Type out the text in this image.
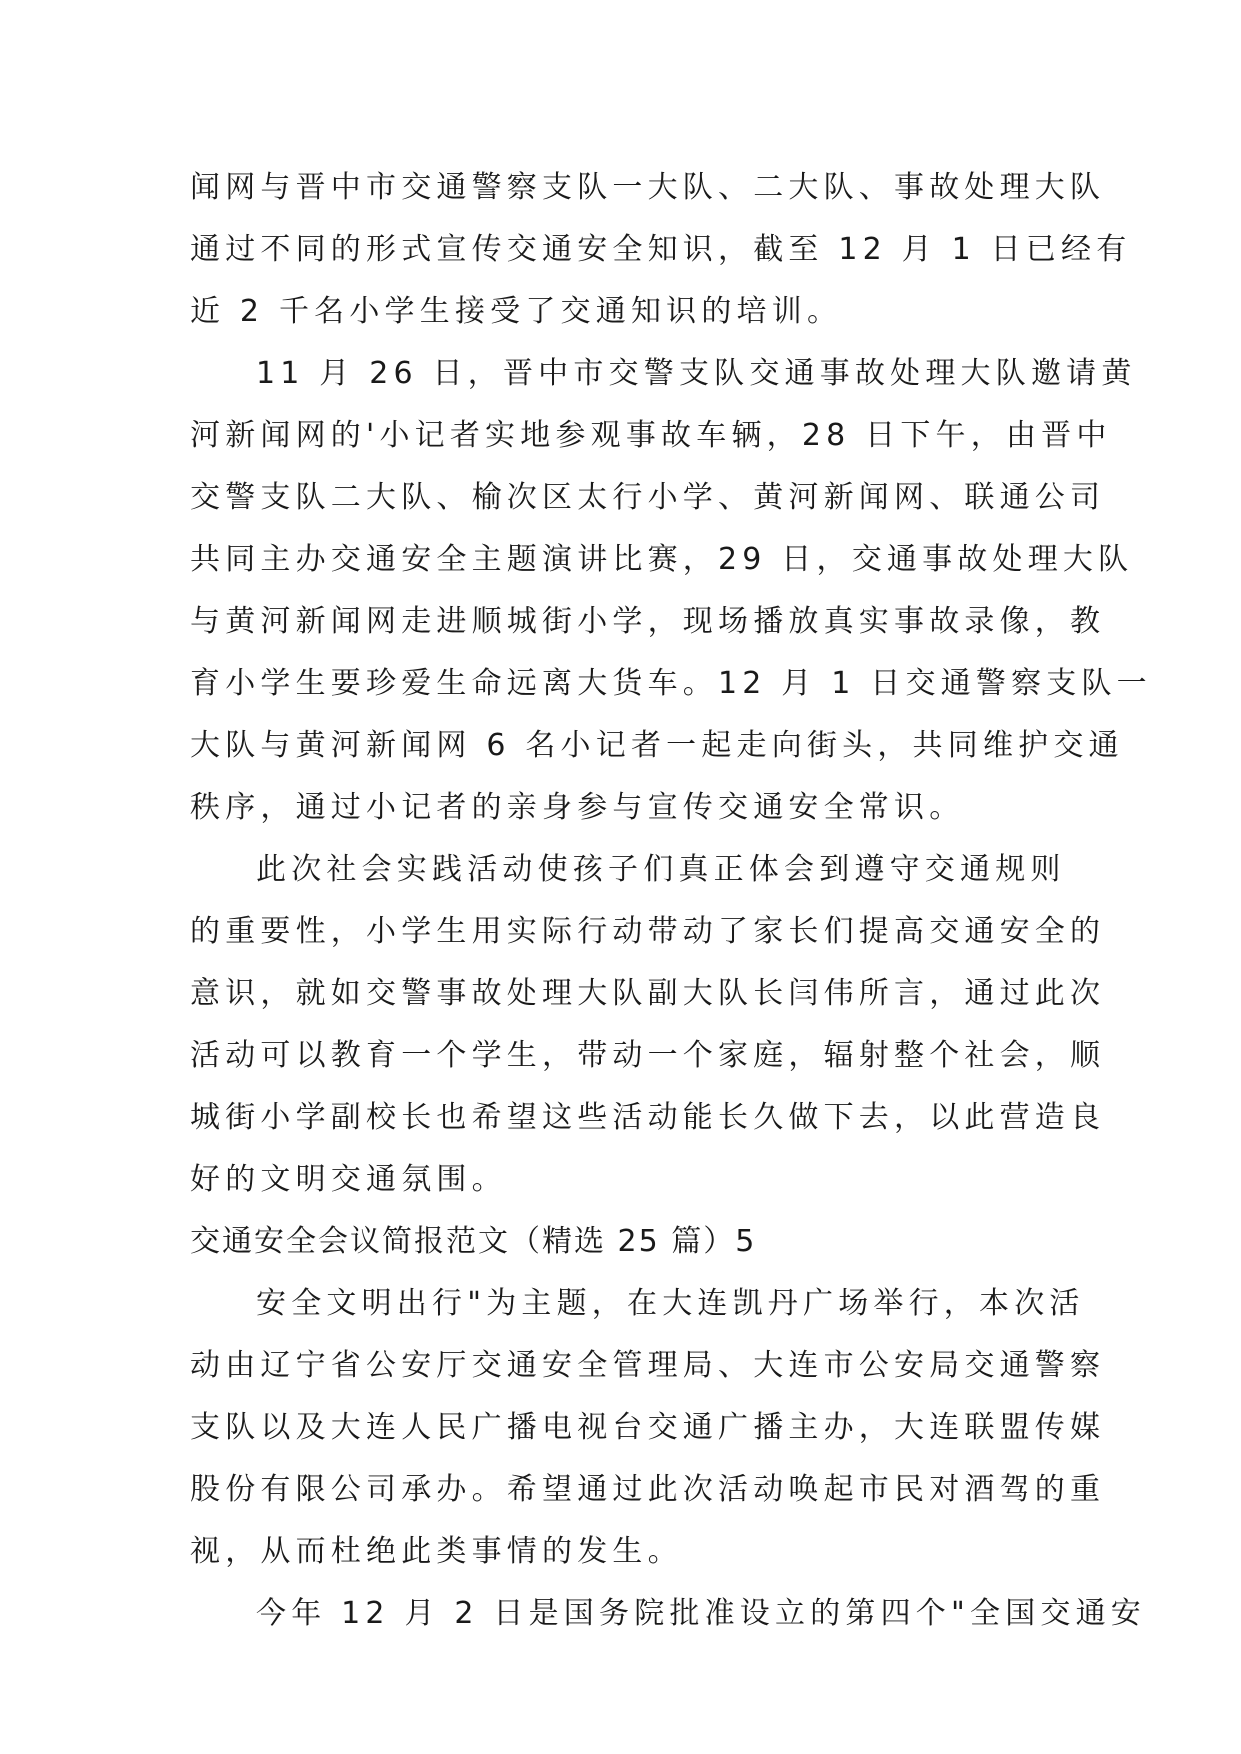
闻网与晋中市交通警察支队一大队、二大队、事故处理大队
通过不同的形式宣传交通安全知识，截至 12 月 1 日已经有
近 2 千名小学生接受了交通知识的培训。
11 月 26 日，晋中市交警支队交通事故处理大队邀请黄
河新闻网的'小记者实地参观事故车辆，28 日下午，由晋中
交警支队二大队、榆次区太行小学、黄河新闻网、联通公司
共同主办交通安全主题演讲比赛，29 日，交通事故处理大队
与黄河新闻网走进顺城街小学，现场播放真实事故录像，教
育小学生要珍爱生命远离大货车。12 月 1 日交通警察支队一
大队与黄河新闻网 6 名小记者一起走向街头，共同维护交通
秩序，通过小记者的亲身参与宣传交通安全常识。
此次社会实践活动使孩子们真正体会到遵守交通规则
的重要性，小学生用实际行动带动了家长们提高交通安全的
意识，就如交警事故处理大队副大队长闫伟所言，通过此次
活动可以教育一个学生，带动一个家庭，辐射整个社会，顺
城街小学副校长也希望这些活动能长久做下去，以此营造良
好的文明交通氛围。
交通安全会议简报范文（精选 25 篇）5
安全文明出行"为主题，在大连凯丹广场举行，本次活
动由辽宁省公安厅交通安全管理局、大连市公安局交通警察
支队以及大连人民广播电视台交通广播主办，大连联盟传媒
股份有限公司承办。希望通过此次活动唤起市民对酒驾的重
视，从而杜绝此类事情的发生。
今年 12 月 2 日是国务院批准设立的第四个"全国交通安
